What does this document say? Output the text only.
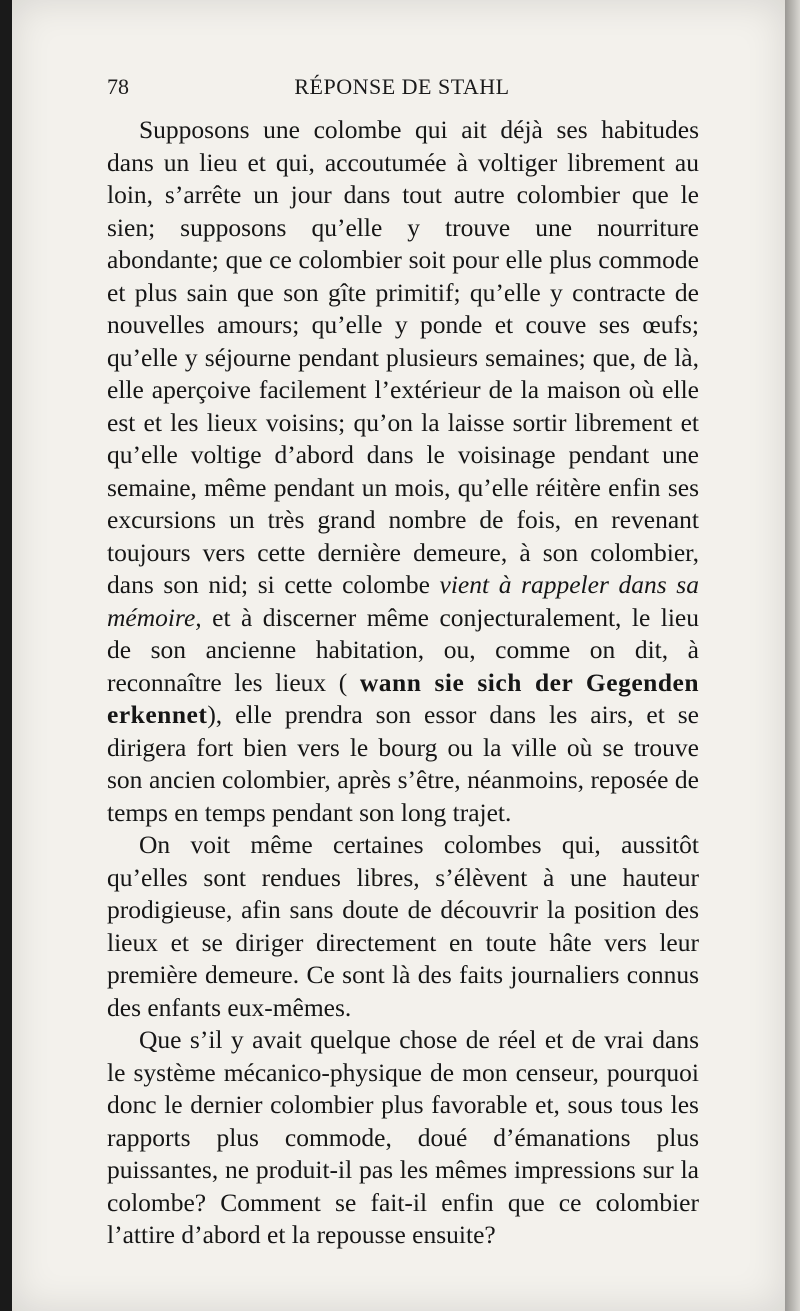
78	RÉPONSE DE STAHL

Supposons une colombe qui ait déjà ses habitudes dans un lieu et qui, accoutumée à voltiger librement au loin, s’arrête un jour dans tout autre colombier que le sien; supposons qu’elle y trouve une nourriture abondante; que ce colombier soit pour elle plus commode et plus sain que son gîte primitif; qu’elle y contracte de nouvelles amours; qu’elle y ponde et couve ses œufs; qu’elle y séjourne pendant plusieurs semaines; que, de là, elle aperçoive facilement l’extérieur de la maison où elle est et les lieux voisins; qu’on la laisse sortir librement et qu’elle voltige d’abord dans le voisinage pendant une semaine, même pendant un mois, qu’elle réitère enfin ses excursions un très grand nombre de fois, en revenant toujours vers cette dernière demeure, à son colombier, dans son nid; si cette colombe vient à rappeler dans sa mémoire, et à discerner même conjecturalement, le lieu de son ancienne habitation, ou, comme on dit, à reconnaître les lieux ( wann sie sich der Gegenden erkennet), elle prendra son essor dans les airs, et se dirigera fort bien vers le bourg ou la ville où se trouve son ancien colombier, après s’être, néanmoins, reposée de temps en temps pendant son long trajet.

On voit même certaines colombes qui, aussitôt qu’elles sont rendues libres, s’élèvent à une hauteur prodigieuse, afin sans doute de découvrir la position des lieux et se diriger directement en toute hâte vers leur première demeure. Ce sont là des faits journaliers connus des enfants eux-mêmes.

Que s’il y avait quelque chose de réel et de vrai dans le système mécanico-physique de mon censeur, pourquoi donc le dernier colombier plus favorable et, sous tous les rapports plus commode, doué d’émanations plus puissantes, ne produit-il pas les mêmes impressions sur la colombe? Comment se fait-il enfin que ce colombier l’attire d’abord et la repousse ensuite?
